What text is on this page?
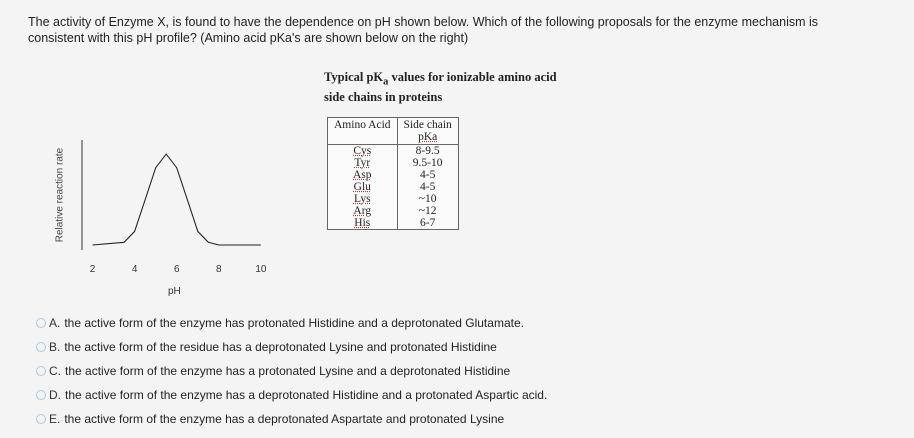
The activity of Enzyme X, is found to have the dependence on pH shown below. Which of the following proposals for the enzyme mechanism is
consistent with this pH profile? (Amino acid pKa's are shown below on the right)
Relative reaction rate
2	4	6	8	10
pH
Typical $pK_a$ values for ionizable amino acid
side chains in proteins
Amino Acid	Side chain
pKa

Cys	8-9.5
Tyr	9.5-10
Asp	4-5
Glu	4-5
Lys	~10
Arg	~12
His	6-7
A. the active form of the enzyme has protonated Histidine and a deprotonated Glutamate.
B. the active form of the residue has a deprotonated Lysine and protonated Histidine
C. the active form of the enzyme has a protonated Lysine and a deprotonated Histidine
D. the active form of the enzyme has a deprotonated Histidine and a protonated Aspartic acid.
E. the active form of the enzyme has a deprotonated Aspartate and protonated Lysine
